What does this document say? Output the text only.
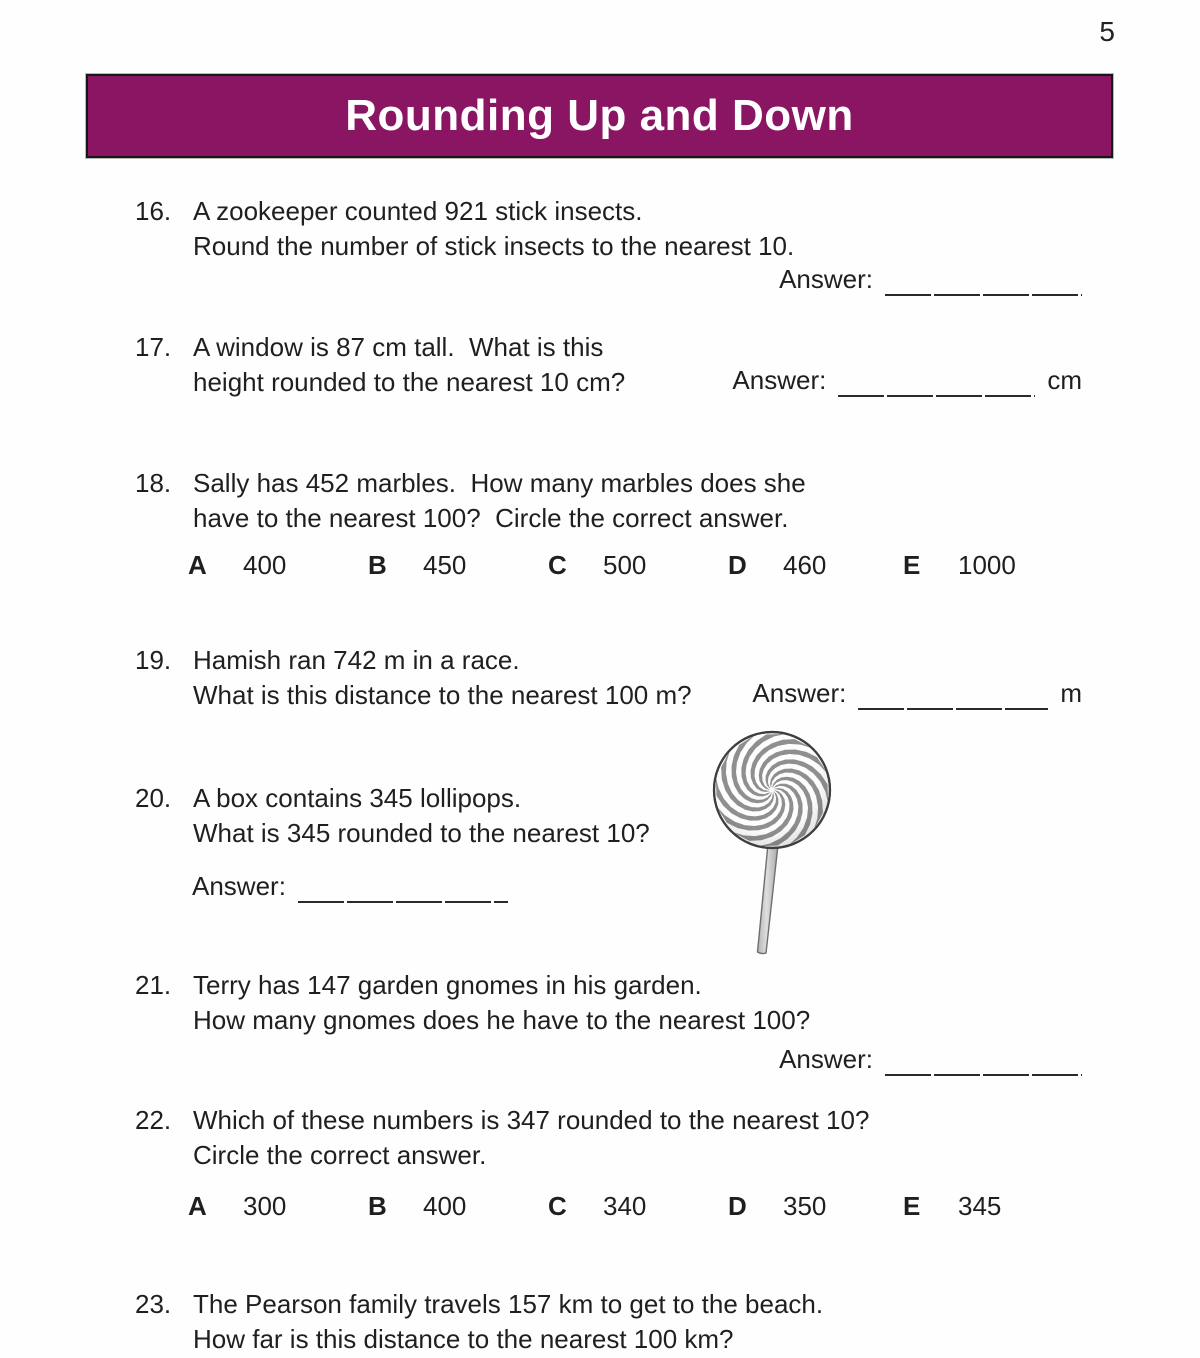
5
Rounding Up and Down
16. A zookeeper counted 921 stick insects.
Round the number of stick insects to the nearest 10.
Answer:
17. A window is 87 cm tall.  What is this
height rounded to the nearest 10 cm?	Answer:	cm
18. Sally has 452 marbles.  How many marbles does she
have to the nearest 100?  Circle the correct answer.
A	400	B	450	C	500	D	460	E	1000
19. Hamish ran 742 m in a race.
What is this distance to the nearest 100 m? Answer:	m
20. A box contains 345 lollipops.
What is 345 rounded to the nearest 10?
Answer:
21. Terry has 147 garden gnomes in his garden.
How many gnomes does he have to the nearest 100?
Answer:
22. Which of these numbers is 347 rounded to the nearest 10?
Circle the correct answer.
A	300	B	400	C	340	D	350	E	345
23. The Pearson family travels 157 km to get to the beach.
How far is this distance to the nearest 100 km?
